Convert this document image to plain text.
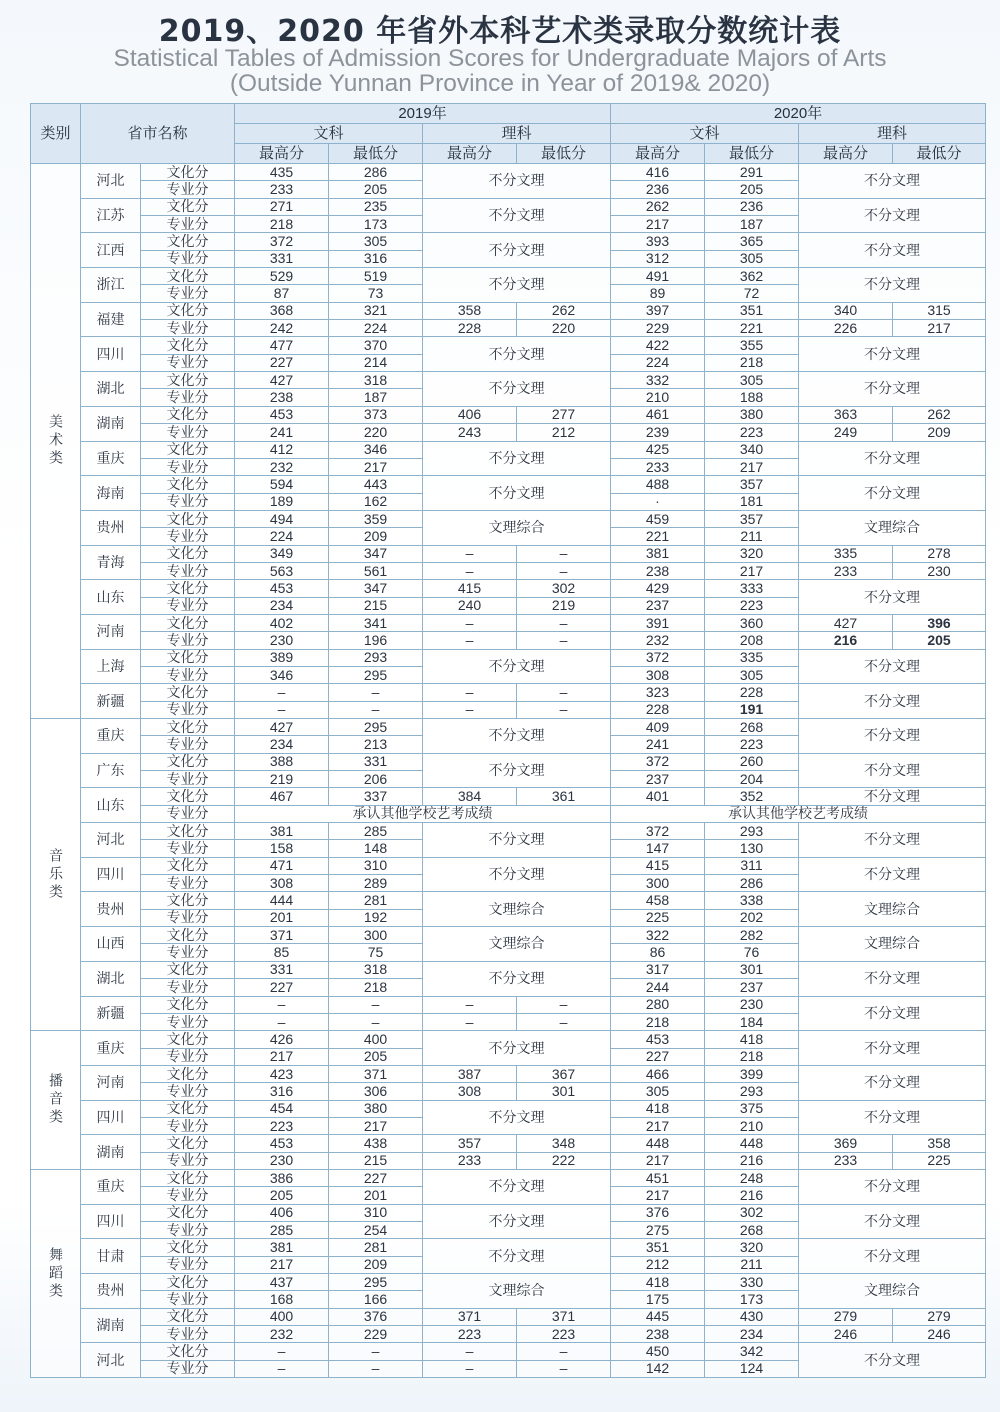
2019、2020 年省外本科艺术类录取分数统计表
Statistical Tables of Admission Scores for Undergraduate Majors of Arts
(Outside Yunnan Province in Year of 2019& 2020)
类别	省市名称		2019年				2020年			
			文科		理科		文科		理科	
			最高分	最低分	最高分	最低分	最高分	最低分	最高分	最低分
美术类	河北	文化分	435	286	不分文理		416	291	不分文理	
		专业分	233	205			236	205		
	江苏	文化分	271	235	不分文理		262	236	不分文理	
		专业分	218	173			217	187		
	江西	文化分	372	305	不分文理		393	365	不分文理	
		专业分	331	316			312	305		
	浙江	文化分	529	519	不分文理		491	362	不分文理	
		专业分	87	73			89	72		
	福建	文化分	368	321	358	262	397	351	340	315
		专业分	242	224	228	220	229	221	226	217
	四川	文化分	477	370	不分文理		422	355	不分文理	
		专业分	227	214			224	218		
	湖北	文化分	427	318	不分文理		332	305	不分文理	
		专业分	238	187			210	188		
	湖南	文化分	453	373	406	277	461	380	363	262
		专业分	241	220	243	212	239	223	249	209
	重庆	文化分	412	346	不分文理		425	340	不分文理	
		专业分	232	217			233	217		
	海南	文化分	594	443	不分文理		488	357	不分文理	
		专业分	189	162			·	181		
	贵州	文化分	494	359	文理综合		459	357	文理综合	
		专业分	224	209			221	211		
	青海	文化分	349	347	–	–	381	320	335	278
		专业分	563	561	–	–	238	217	233	230
	山东	文化分	453	347	415	302	429	333	不分文理	
		专业分	234	215	240	219	237	223		
	河南	文化分	402	341	–	–	391	360	427	396
		专业分	230	196	–	–	232	208	216	205
	上海	文化分	389	293	不分文理		372	335	不分文理	
		专业分	346	295			308	305		
	新疆	文化分	–	–	–	–	323	228	不分文理	
		专业分	–	–	–	–	228	191		
音乐类	重庆	文化分	427	295	不分文理		409	268	不分文理	
		专业分	234	213			241	223		
	广东	文化分	388	331	不分文理		372	260	不分文理	
		专业分	219	206			237	204		
	山东	文化分	467	337	384	361	401	352	不分文理	
		专业分	承认其他学校艺考成绩				承认其他学校艺考成绩			
	河北	文化分	381	285	不分文理		372	293	不分文理	
		专业分	158	148			147	130		
	四川	文化分	471	310	不分文理		415	311	不分文理	
		专业分	308	289			300	286		
	贵州	文化分	444	281	文理综合		458	338	文理综合	
		专业分	201	192			225	202		
	山西	文化分	371	300	文理综合		322	282	文理综合	
		专业分	85	75			86	76		
	湖北	文化分	331	318	不分文理		317	301	不分文理	
		专业分	227	218			244	237		
	新疆	文化分	–	–	–	–	280	230	不分文理	
		专业分	–	–	–	–	218	184		
播音类	重庆	文化分	426	400	不分文理		453	418	不分文理	
		专业分	217	205			227	218		
	河南	文化分	423	371	387	367	466	399	不分文理	
		专业分	316	306	308	301	305	293		
	四川	文化分	454	380	不分文理		418	375	不分文理	
		专业分	223	217			217	210		
	湖南	文化分	453	438	357	348	448	448	369	358
		专业分	230	215	233	222	217	216	233	225
舞蹈类	重庆	文化分	386	227	不分文理		451	248	不分文理	
		专业分	205	201			217	216		
	四川	文化分	406	310	不分文理		376	302	不分文理	
		专业分	285	254			275	268		
	甘肃	文化分	381	281	不分文理		351	320	不分文理	
		专业分	217	209			212	211		
	贵州	文化分	437	295	文理综合		418	330	文理综合	
		专业分	168	166			175	173		
	湖南	文化分	400	376	371	371	445	430	279	279
		专业分	232	229	223	223	238	234	246	246
	河北	文化分	–	–	–	–	450	342	不分文理	
		专业分	–	–	–	–	142	124		
